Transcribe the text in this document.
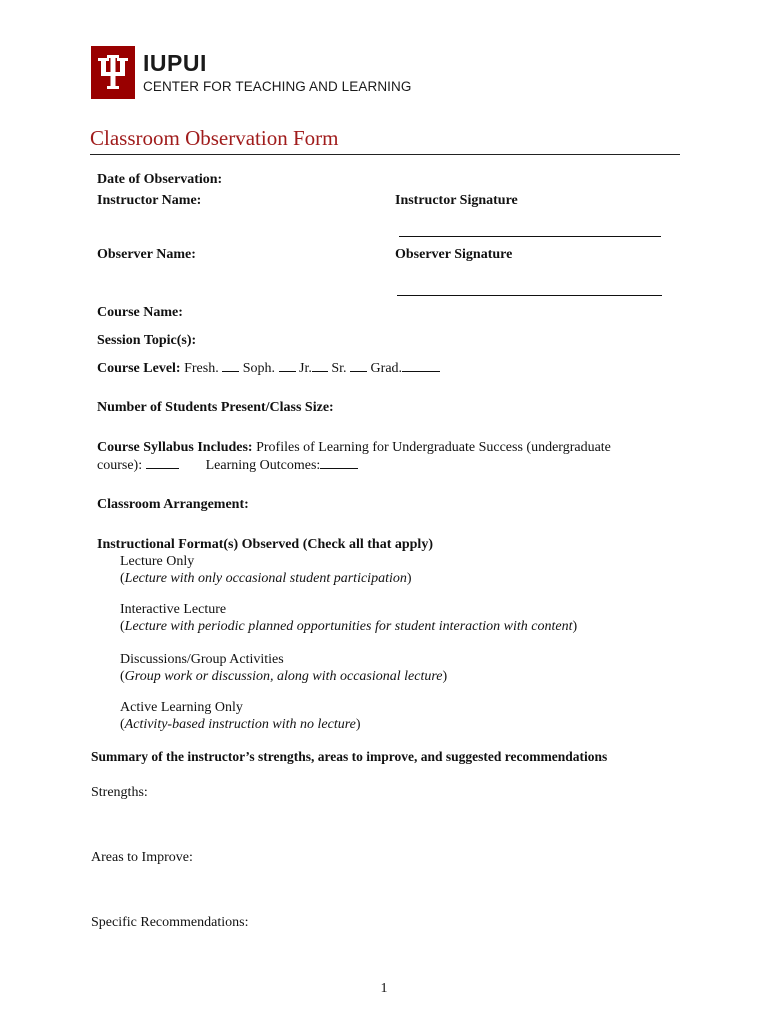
IUPUI
CENTER FOR TEACHING AND LEARNING
Classroom Observation Form
Date of Observation:
Instructor Name:	Instructor Signature
Observer Name:	Observer Signature
Course Name:
Session Topic(s):
Course Level: Fresh. Soph. Jr. Sr. Grad.
Number of Students Present/Class Size:
Course Syllabus Includes: Profiles of Learning for Undergraduate Success (undergraduate
course):	Learning Outcomes:
Classroom Arrangement:
Instructional Format(s) Observed (Check all that apply)
Lecture Only
(Lecture with only occasional student participation)
Interactive Lecture
(Lecture with periodic planned opportunities for student interaction with content)
Discussions/Group Activities
(Group work or discussion, along with occasional lecture)
Active Learning Only
(Activity-based instruction with no lecture)
Summary of the instructor’s strengths, areas to improve, and suggested recommendations
Strengths:
Areas to Improve:
Specific Recommendations:
1
